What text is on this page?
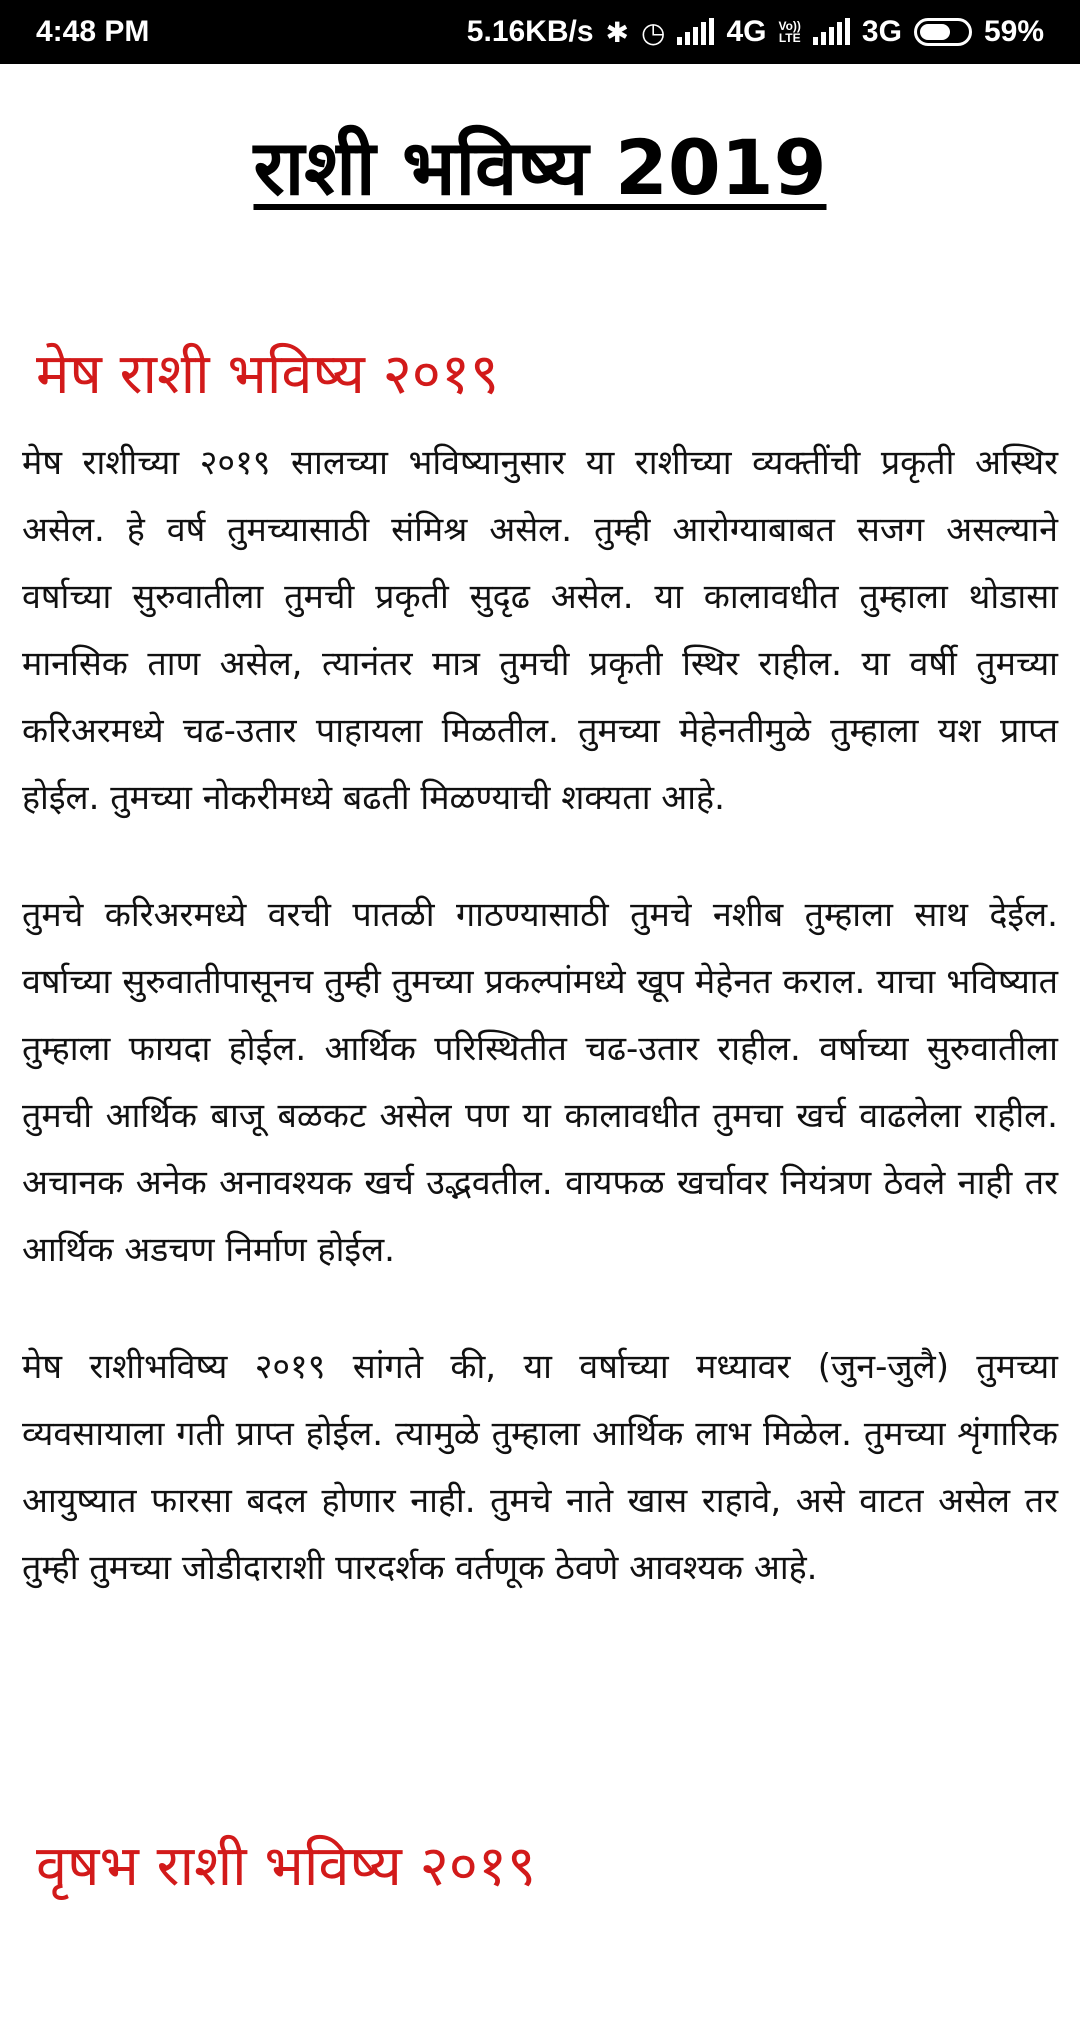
4:48 PM	5.16KB/s ✱ ◷ 4G Vo))
LTE 3G	59%
राशी भविष्य 2019
मेष राशी भविष्य २०१९

मेष राशीच्या २०१९ सालच्या भविष्यानुसार या राशीच्या व्यक्तींची प्रकृती अस्थिर असेल. हे वर्ष तुमच्यासाठी संमिश्र असेल. तुम्ही आरोग्याबाबत सजग असल्याने वर्षाच्या सुरुवातीला तुमची प्रकृती सुदृढ असेल. या कालावधीत तुम्हाला थोडासा मानसिक ताण असेल, त्यानंतर मात्र तुमची प्रकृती स्थिर राहील. या वर्षी तुमच्या करिअरमध्ये चढ-उतार पाहायला मिळतील. तुमच्या मेहेनतीमुळे तुम्हाला यश प्राप्त होईल. तुमच्या नोकरीमध्ये बढती मिळण्याची शक्यता आहे.

तुमचे करिअरमध्ये वरची पातळी गाठण्यासाठी तुमचे नशीब तुम्हाला साथ देईल. वर्षाच्या सुरुवातीपासूनच तुम्ही तुमच्या प्रकल्पांमध्ये खूप मेहेनत कराल. याचा भविष्यात तुम्हाला फायदा होईल. आर्थिक परिस्थितीत चढ-उतार राहील. वर्षाच्या सुरुवातीला तुमची आर्थिक बाजू बळकट असेल पण या कालावधीत तुमचा खर्च वाढलेला राहील. अचानक अनेक अनावश्यक खर्च उद्भवतील. वायफळ खर्चावर नियंत्रण ठेवले नाही तर आर्थिक अडचण निर्माण होईल.

मेष राशीभविष्य २०१९ सांगते की, या वर्षाच्या मध्यावर (जुन-जुलै) तुमच्या व्यवसायाला गती प्राप्त होईल. त्यामुळे तुम्हाला आर्थिक लाभ मिळेल. तुमच्या शृंगारिक आयुष्यात फारसा बदल होणार नाही. तुमचे नाते खास राहावे, असे वाटत असेल तर तुम्ही तुमच्या जोडीदाराशी पारदर्शक वर्तणूक ठेवणे आवश्यक आहे.

वृषभ राशी भविष्य २०१९
